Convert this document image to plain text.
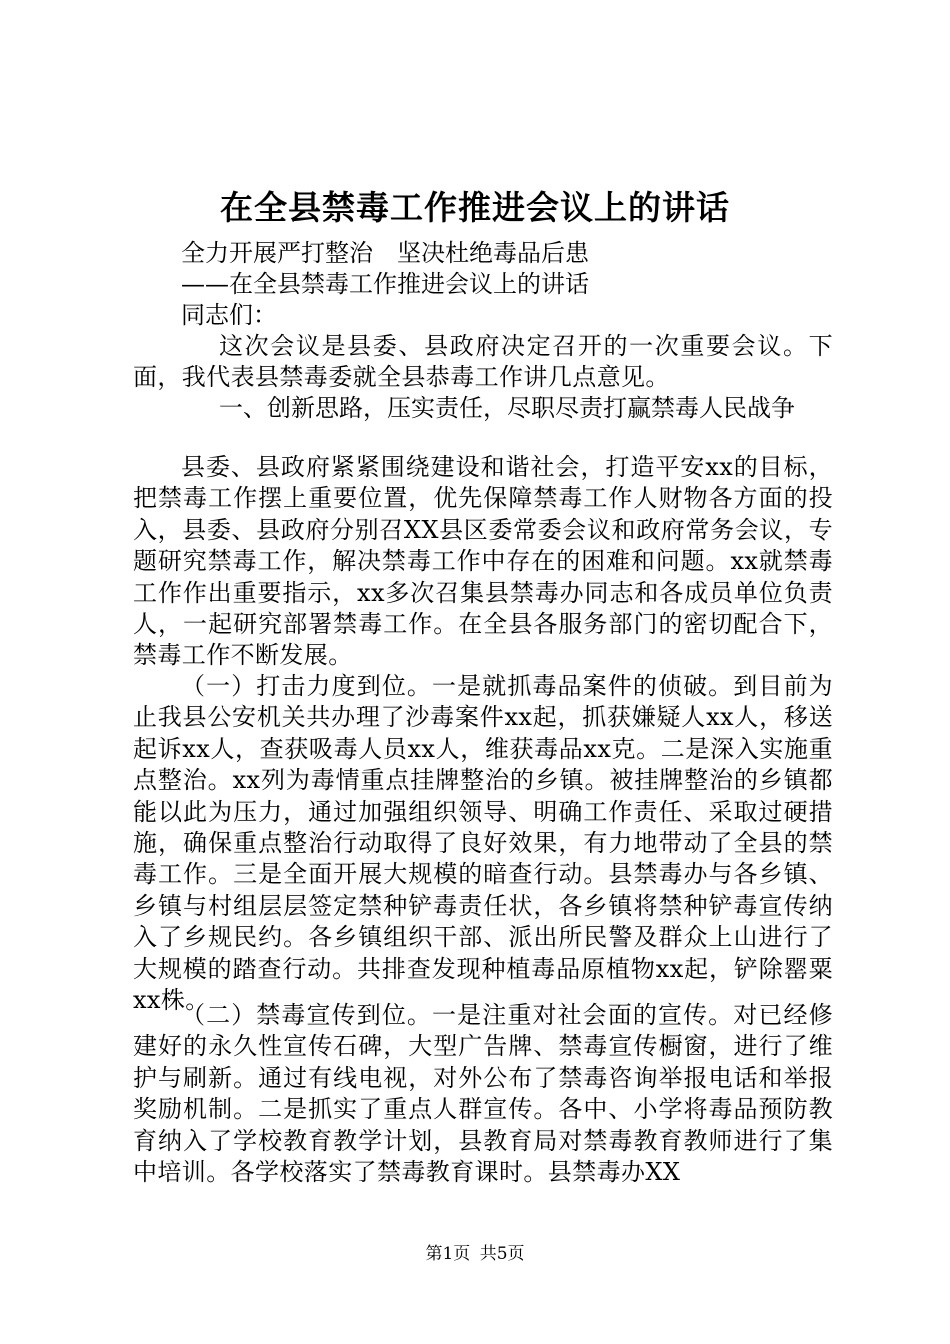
在全县禁毒工作推进会议上的讲话

全力开展严打整治　坚决杜绝毒品后患

——在全县禁毒工作推进会议上的讲话

同志们：

这次会议是县委、县政府决定召开的一次重要会议。下面，我代表县禁毒委就全县恭毒工作讲几点意见。

一、创新思路，压实责任，尽职尽责打赢禁毒人民战争

县委、县政府紧紧围绕建设和谐社会，打造平安xx的目标，把禁毒工作摆上重要位置，优先保障禁毒工作人财物各方面的投入，县委、县政府分别召XX县区委常委会议和政府常务会议，专题研究禁毒工作，解决禁毒工作中存在的困难和问题。xx就禁毒工作作出重要指示，xx多次召集县禁毒办同志和各成员单位负责人，一起研究部署禁毒工作。在全县各服务部门的密切配合下，禁毒工作不断发展。

（一）打击力度到位。一是就抓毒品案件的侦破。到目前为止我县公安机关共办理了沙毒案件xx起，抓获嫌疑人xx人，移送起诉xx人，查获吸毒人员xx人，维获毒品xx克。二是深入实施重点整治。xx列为毒情重点挂牌整治的乡镇。被挂牌整治的乡镇都能以此为压力，通过加强组织领导、明确工作责任、采取过硬措施，确保重点整治行动取得了良好效果，有力地带动了全县的禁毒工作。三是全面开展大规模的暗查行动。县禁毒办与各乡镇、乡镇与村组层层签定禁种铲毒责任状，各乡镇将禁种铲毒宣传纳入了乡规民约。各乡镇组织干部、派出所民警及群众上山进行了大规模的踏查行动。共排查发现种植毒品原植物xx起，铲除罂粟xx株。

（二）禁毒宣传到位。一是注重对社会面的宣传。对已经修建好的永久性宣传石碑，大型广告牌、禁毒宣传橱窗，进行了维护与刷新。通过有线电视，对外公布了禁毒咨询举报电话和举报奖励机制。二是抓实了重点人群宣传。各中、小学将毒品预防教育纳入了学校教育教学计划，县教育局对禁毒教育教师进行了集中培训。各学校落实了禁毒教育课时。县禁毒办XX

第1页 共5页
